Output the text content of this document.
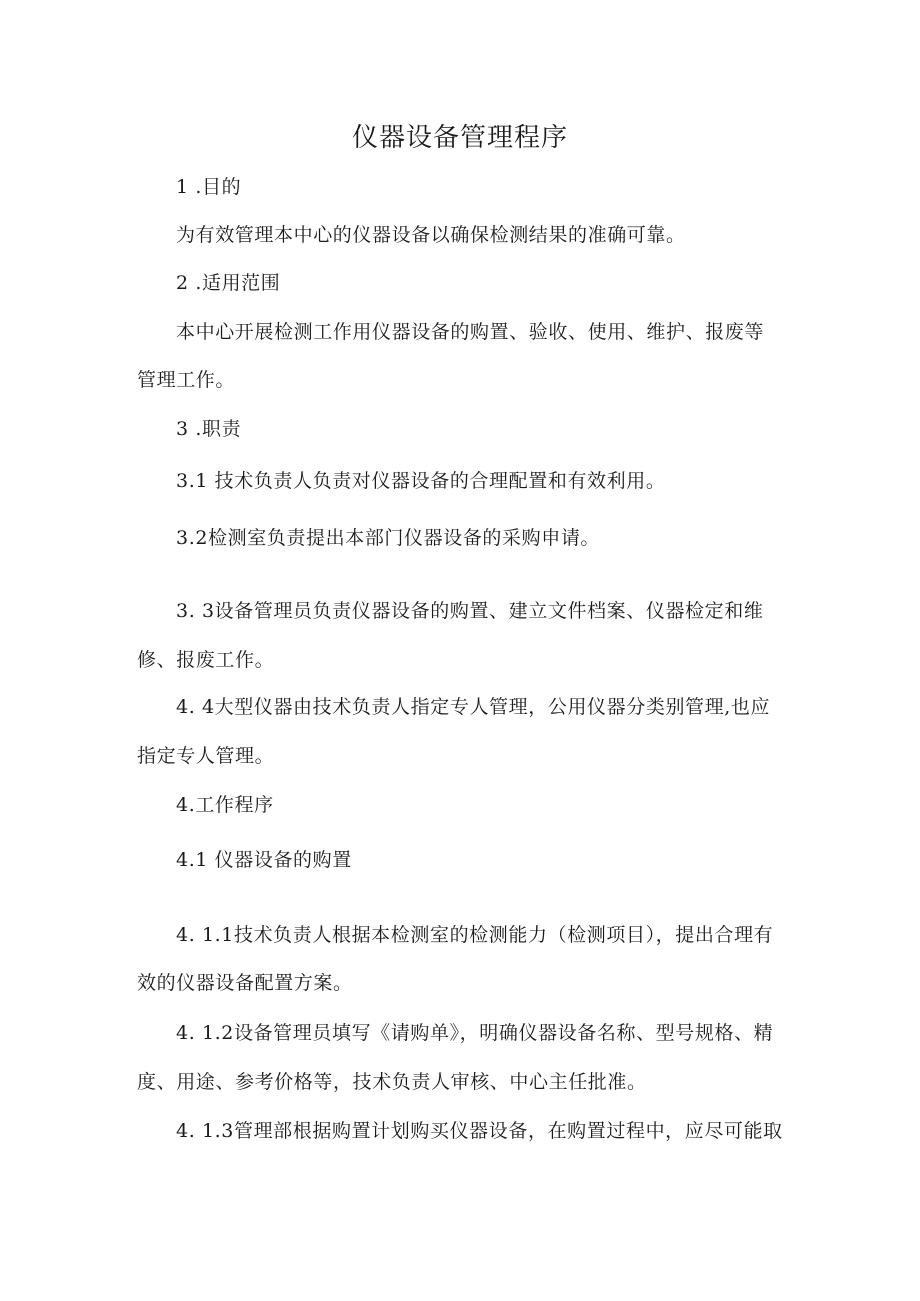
仪器设备管理程序
1 .目的
为有效管理本中心的仪器设备以确保检测结果的准确可靠。
2 .适用范围
本中心开展检测工作用仪器设备的购置、验收、使用、维护、报废等
管理工作。
3 .职责
3.1 技术负责人负责对仪器设备的合理配置和有效利用。
3.2检测室负责提出本部门仪器设备的采购申请。
3. 3设备管理员负责仪器设备的购置、建立文件档案、仪器检定和维
修、报废工作。
4. 4大型仪器由技术负责人指定专人管理，公用仪器分类别管理,也应
指定专人管理。
4.工作程序
4.1 仪器设备的购置
4. 1.1技术负责人根据本检测室的检测能力（检测项目），提出合理有
效的仪器设备配置方案。
4. 1.2设备管理员填写《请购单》，明确仪器设备名称、型号规格、精
度、用途、参考价格等，技术负责人审核、中心主任批准。
4. 1.3管理部根据购置计划购买仪器设备，在购置过程中，应尽可能取
